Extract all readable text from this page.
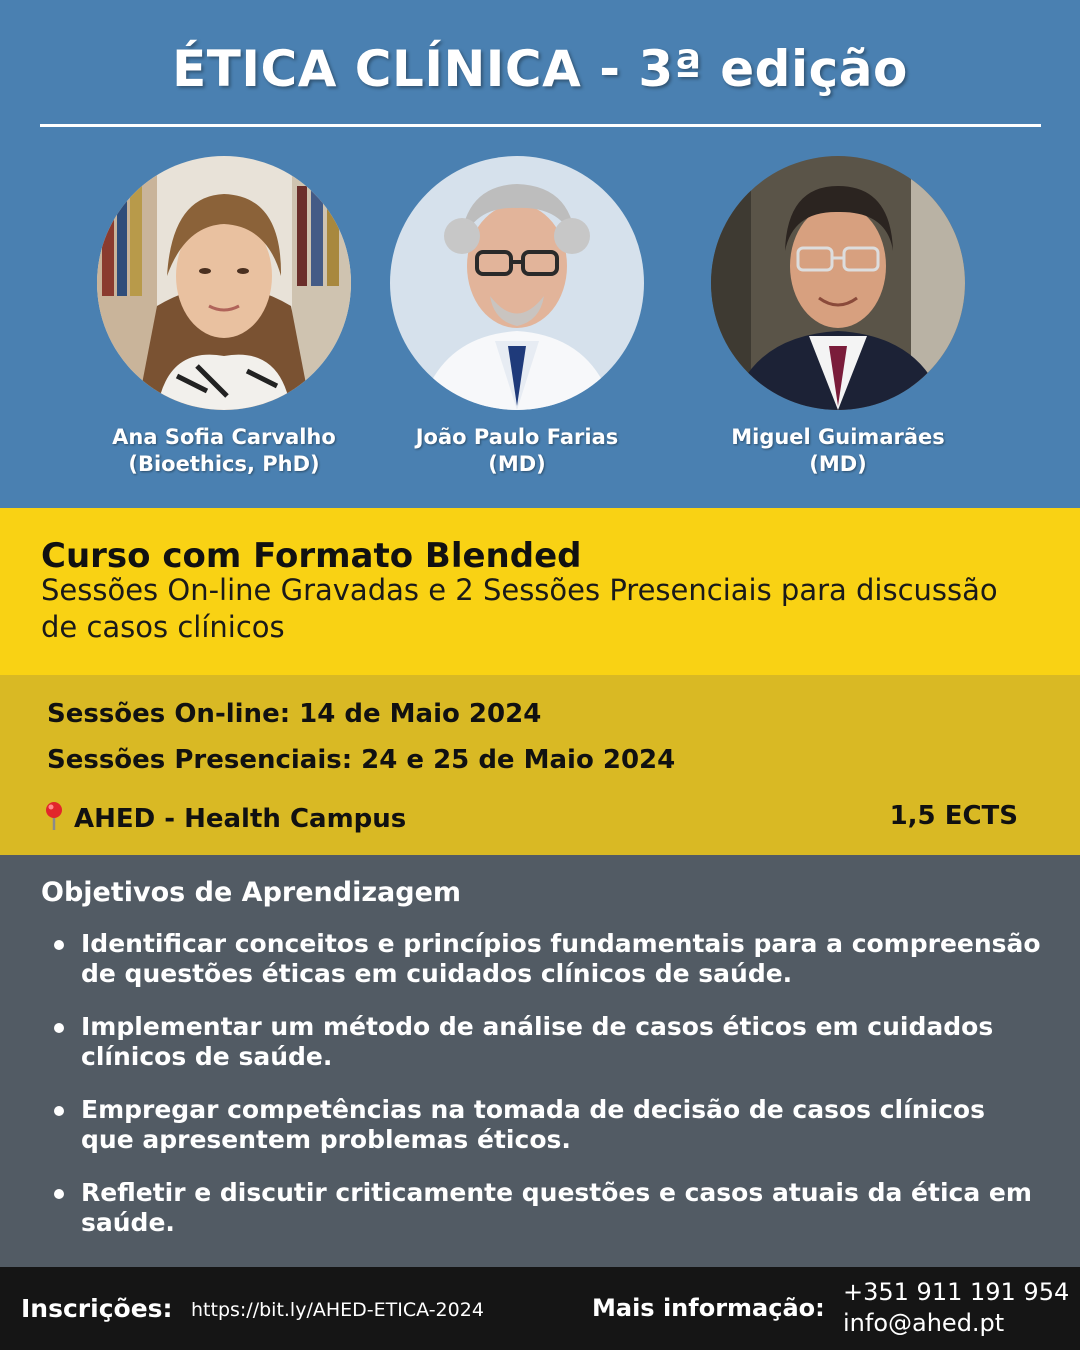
ÉTICA CLÍNICA - 3ª edição
Ana Sofia Carvalho
(Bioethics, PhD)
João Paulo Farias
(MD)
Miguel Guimarães
(MD)
Curso com Formato Blended
Sessões On-line Gravadas e 2 Sessões Presenciais para discussão de casos clínicos
Sessões On-line: 14 de Maio 2024
Sessões Presenciais: 24 e 25 de Maio 2024
AHED - Health Campus	1,5 ECTS
Objetivos de Aprendizagem
Identificar conceitos e princípios fundamentais para a compreensão de questões éticas em cuidados clínicos de saúde.
Implementar um método de análise de casos éticos em cuidados clínicos de saúde.
Empregar competências na tomada de decisão de casos clínicos que apresentem problemas éticos.
Refletir e discutir criticamente questões e casos atuais da ética em saúde.
Inscrições: https://bit.ly/AHED-ETICA-2024	Mais informação:
+351 911 191 954
info@ahed.pt
